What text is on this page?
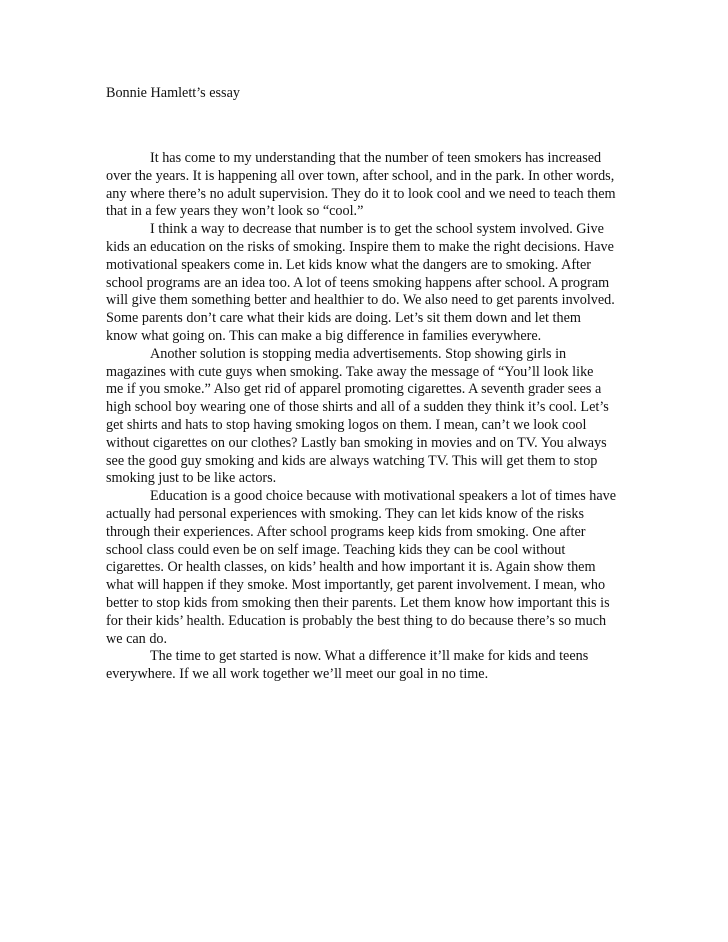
Bonnie Hamlett’s essay
It has come to my understanding that the number of teen smokers has increased
over the years. It is happening all over town, after school, and in the park. In other words,
any where there’s no adult supervision. They do it to look cool and we need to teach them
that in a few years they won’t look so “cool.”
I think a way to decrease that number is to get the school system involved. Give
kids an education on the risks of smoking. Inspire them to make the right decisions. Have
motivational speakers come in. Let kids know what the dangers are to smoking. After
school programs are an idea too. A lot of teens smoking happens after school. A program
will give them something better and healthier to do. We also need to get parents involved.
Some parents don’t care what their kids are doing. Let’s sit them down and let them
know what going on. This can make a big difference in families everywhere.
Another solution is stopping media advertisements. Stop showing girls in
magazines with cute guys when smoking. Take away the message of “You’ll look like
me if you smoke.” Also get rid of apparel promoting cigarettes. A seventh grader sees a
high school boy wearing one of those shirts and all of a sudden they think it’s cool. Let’s
get shirts and hats to stop having smoking logos on them. I mean, can’t we look cool
without cigarettes on our clothes? Lastly ban smoking in movies and on TV. You always
see the good guy smoking and kids are always watching TV. This will get them to stop
smoking just to be like actors.
Education is a good choice because with motivational speakers a lot of times have
actually had personal experiences with smoking. They can let kids know of the risks
through their experiences. After school programs keep kids from smoking. One after
school class could even be on self image. Teaching kids they can be cool without
cigarettes. Or health classes, on kids’ health and how important it is. Again show them
what will happen if they smoke. Most importantly, get parent involvement. I mean, who
better to stop kids from smoking then their parents. Let them know how important this is
for their kids’ health. Education is probably the best thing to do because there’s so much
we can do.
The time to get started is now. What a difference it’ll make for kids and teens
everywhere. If we all work together we’ll meet our goal in no time.
